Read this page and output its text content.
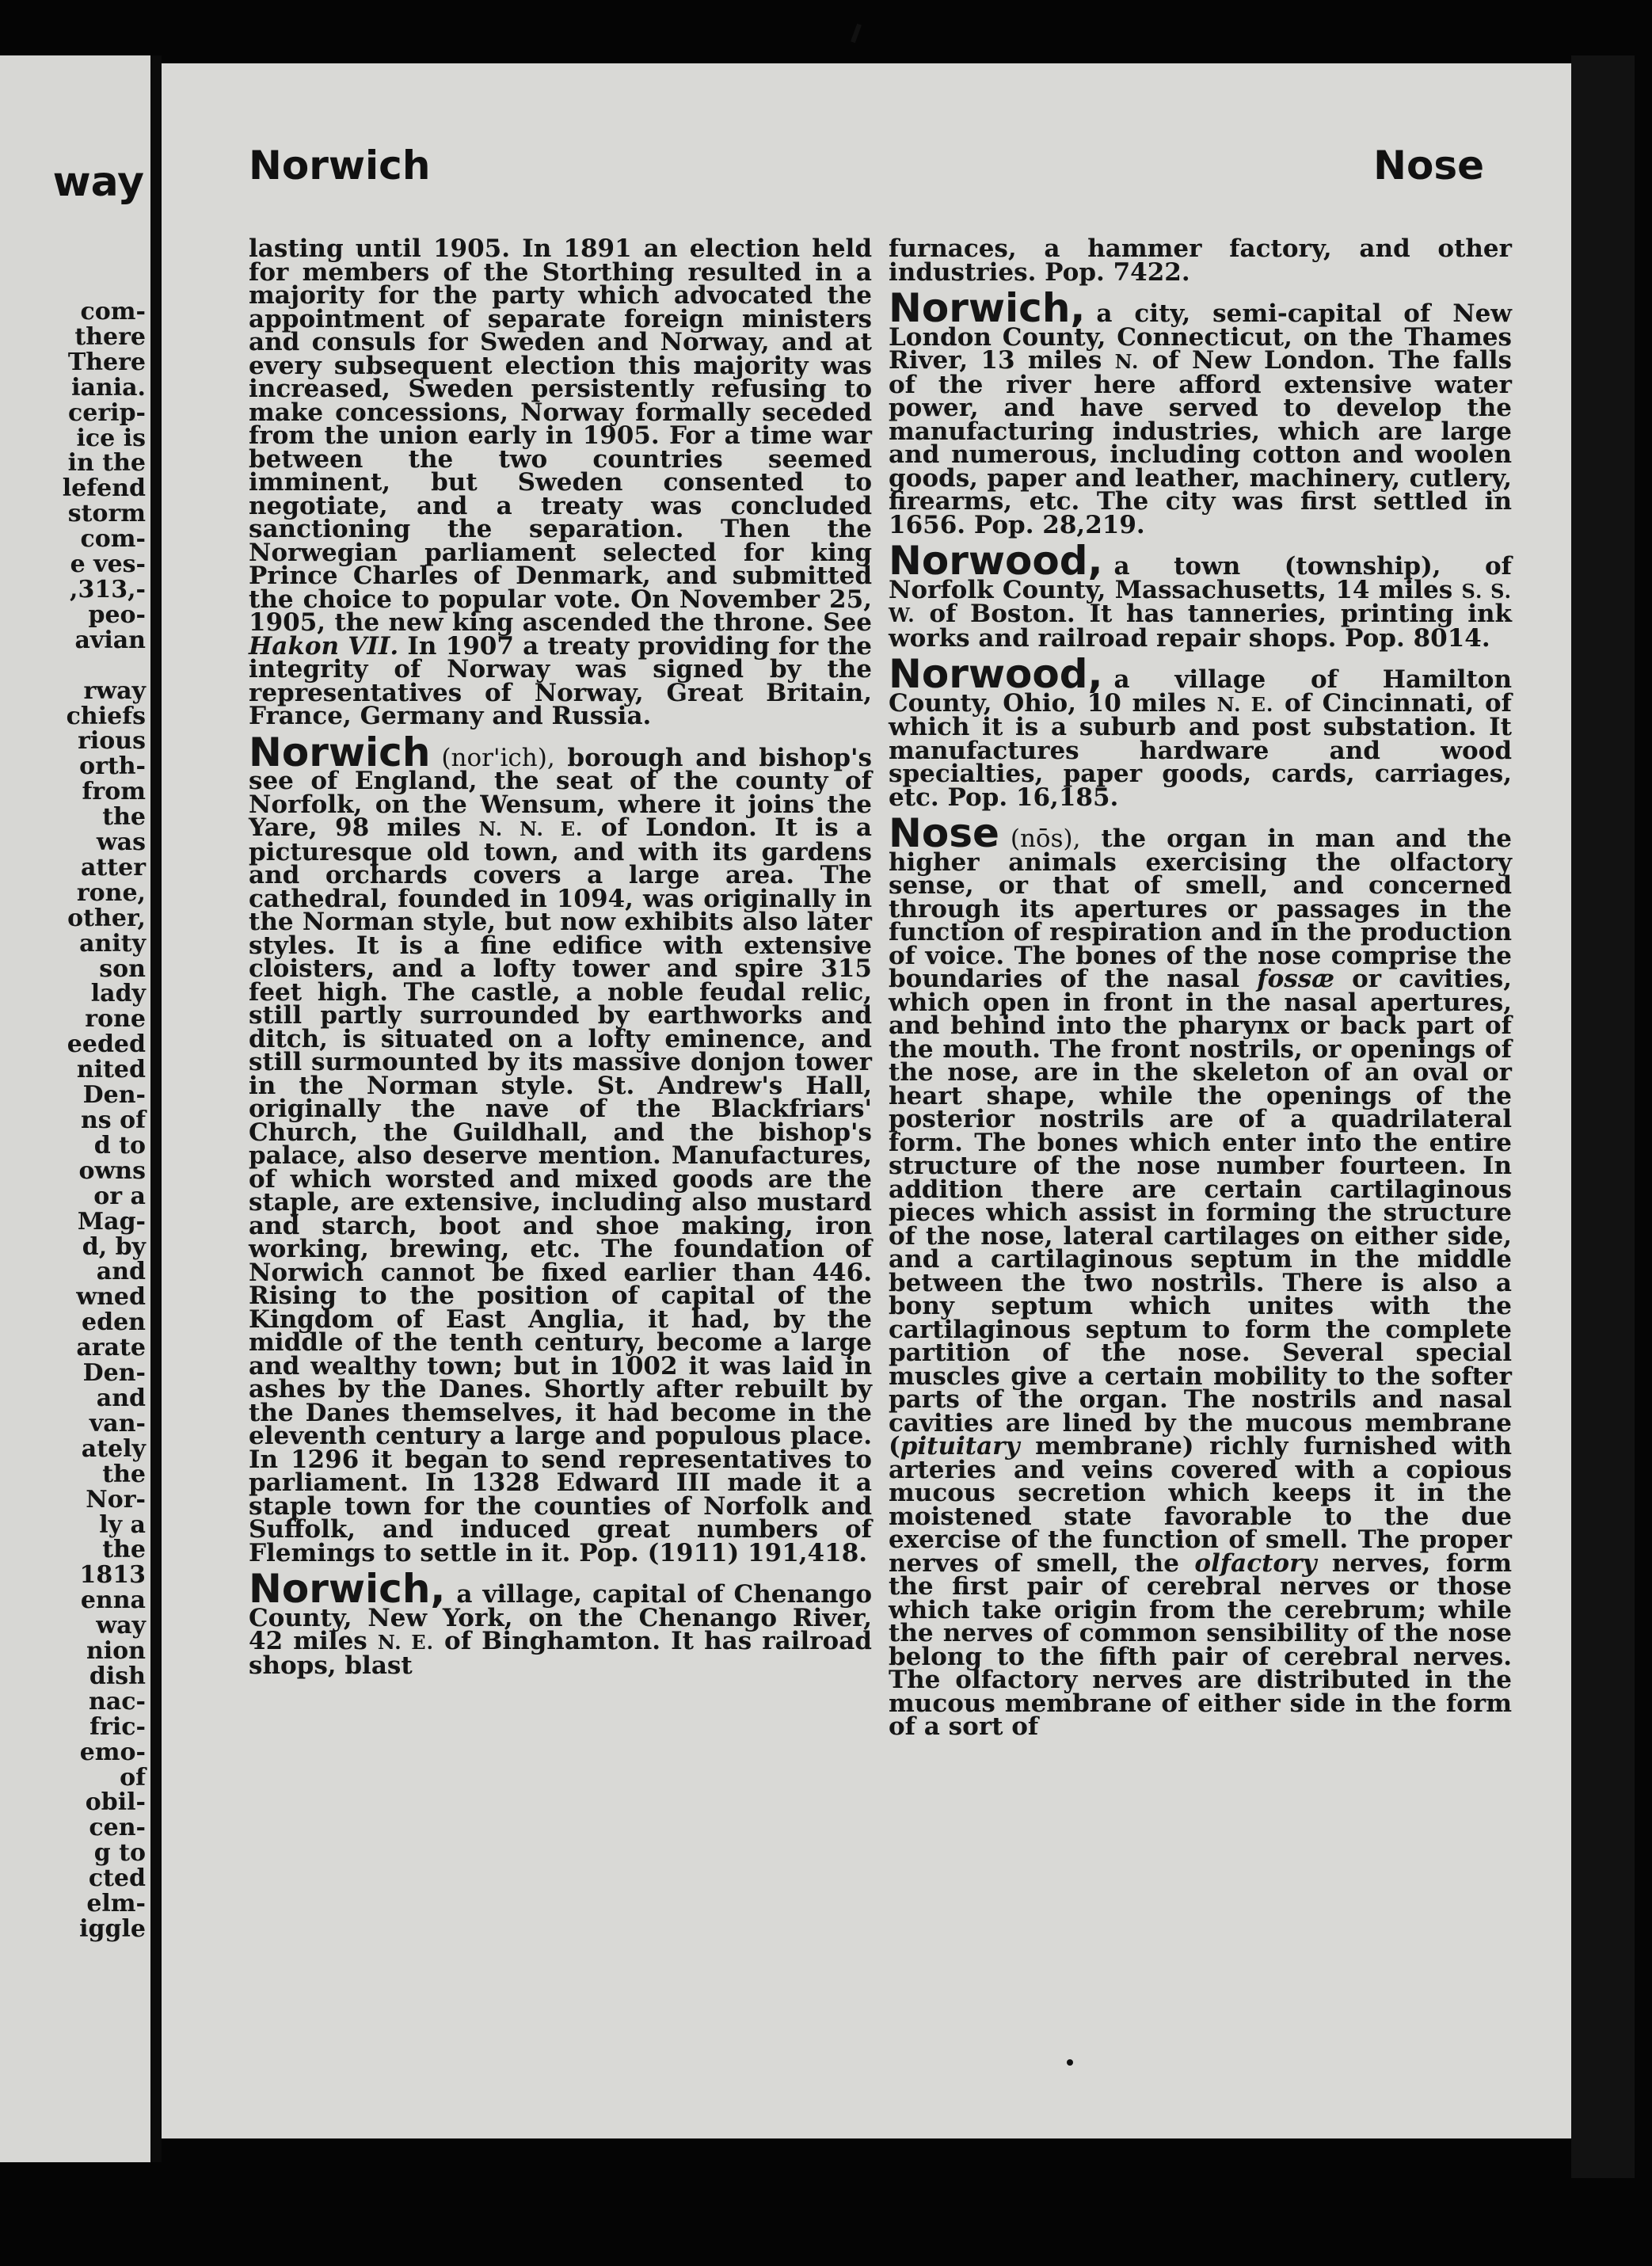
way
com-
there
There
iania.
cerip-
ice is
in the
lefend
storm
com-
e ves-
,313,-
peo-
avian

rway
chiefs
rious
orth-
from
the
was
atter
rone,
other,
anity
son
lady
rone
eeded
nited
Den-
ns of
d to
owns
or a
Mag-
d, by
and
wned
eden
arate
Den-
and
van-
ately
the
Nor-
ly a
the
1813
enna
way
nion
dish
nac-
fric-
emo-
of
obil-
cen-
g to
cted
elm-
iggle
Norwich	Nose

lasting until 1905. In 1891 an election held for members of the Storthing resulted in a majority for the party which advocated the appointment of separate foreign ministers and consuls for Sweden and Norway, and at every subsequent election this majority was increased, Sweden persistently refusing to make concessions, Norway formally seceded from the union early in 1905. For a time war between the two countries seemed imminent, but Sweden consented to negotiate, and a treaty was concluded sanctioning the separation. Then the Norwegian parliament selected for king Prince Charles of Denmark, and submitted the choice to popular vote. On November 25, 1905, the new king ascended the throne. See Hakon VII. In 1907 a treaty providing for the integrity of Norway was signed by the representatives of Norway, Great Britain, France, Germany and Russia.

Norwich (nor'ich), borough and bishop's see of England, the seat of the county of Norfolk, on the Wensum, where it joins the Yare, 98 miles N. N. E. of London. It is a picturesque old town, and with its gardens and orchards covers a large area. The cathedral, founded in 1094, was originally in the Norman style, but now exhibits also later styles. It is a fine edifice with extensive cloisters, and a lofty tower and spire 315 feet high. The castle, a noble feudal relic, still partly surrounded by earthworks and ditch, is situated on a lofty eminence, and still surmounted by its massive donjon tower in the Norman style. St. Andrew's Hall, originally the nave of the Blackfriars' Church, the Guildhall, and the bishop's palace, also deserve mention. Manufactures, of which worsted and mixed goods are the staple, are extensive, including also mustard and starch, boot and shoe making, iron working, brewing, etc. The foundation of Norwich cannot be fixed earlier than 446. Rising to the position of capital of the Kingdom of East Anglia, it had, by the middle of the tenth century, become a large and wealthy town; but in 1002 it was laid in ashes by the Danes. Shortly after rebuilt by the Danes themselves, it had become in the eleventh century a large and populous place. In 1296 it began to send representatives to parliament. In 1328 Edward III made it a staple town for the counties of Norfolk and Suffolk, and induced great numbers of Flemings to settle in it. Pop. (1911) 191,418.

Norwich, a village, capital of Chenango County, New York, on the Chenango River, 42 miles N. E. of Binghamton. It has railroad shops, blast

furnaces, a hammer factory, and other industries. Pop. 7422.

Norwich, a city, semi-capital of New London County, Connecticut, on the Thames River, 13 miles N. of New London. The falls of the river here afford extensive water power, and have served to develop the manufacturing industries, which are large and numerous, including cotton and woolen goods, paper and leather, machinery, cutlery, firearms, etc. The city was first settled in 1656. Pop. 28,219.

Norwood, a town (township), of Norfolk County, Massachusetts, 14 miles S. S. W. of Boston. It has tanneries, printing ink works and railroad repair shops. Pop. 8014.

Norwood, a village of Hamilton County, Ohio, 10 miles N. E. of Cincinnati, of which it is a suburb and post substation. It manufactures hardware and wood specialties, paper goods, cards, carriages, etc. Pop. 16,185.

Nose (nōs), the organ in man and the higher animals exercising the olfactory sense, or that of smell, and concerned through its apertures or passages in the function of respiration and in the production of voice. The bones of the nose comprise the boundaries of the nasal fossæ or cavities, which open in front in the nasal apertures, and behind into the pharynx or back part of the mouth. The front nostrils, or openings of the nose, are in the skeleton of an oval or heart shape, while the openings of the posterior nostrils are of a quadrilateral form. The bones which enter into the entire structure of the nose number fourteen. In addition there are certain cartilaginous pieces which assist in forming the structure of the nose, lateral cartilages on either side, and a cartilaginous septum in the middle between the two nostrils. There is also a bony septum which unites with the cartilaginous septum to form the complete partition of the nose. Several special muscles give a certain mobility to the softer parts of the organ. The nostrils and nasal cavities are lined by the mucous membrane (pituitary membrane) richly furnished with arteries and veins covered with a copious mucous secretion which keeps it in the moistened state favorable to the due exercise of the function of smell. The proper nerves of smell, the olfactory nerves, form the first pair of cerebral nerves or those which take origin from the cerebrum; while the nerves of common sensibility of the nose belong to the fifth pair of cerebral nerves. The olfactory nerves are distributed in the mucous membrane of either side in the form of a sort of
